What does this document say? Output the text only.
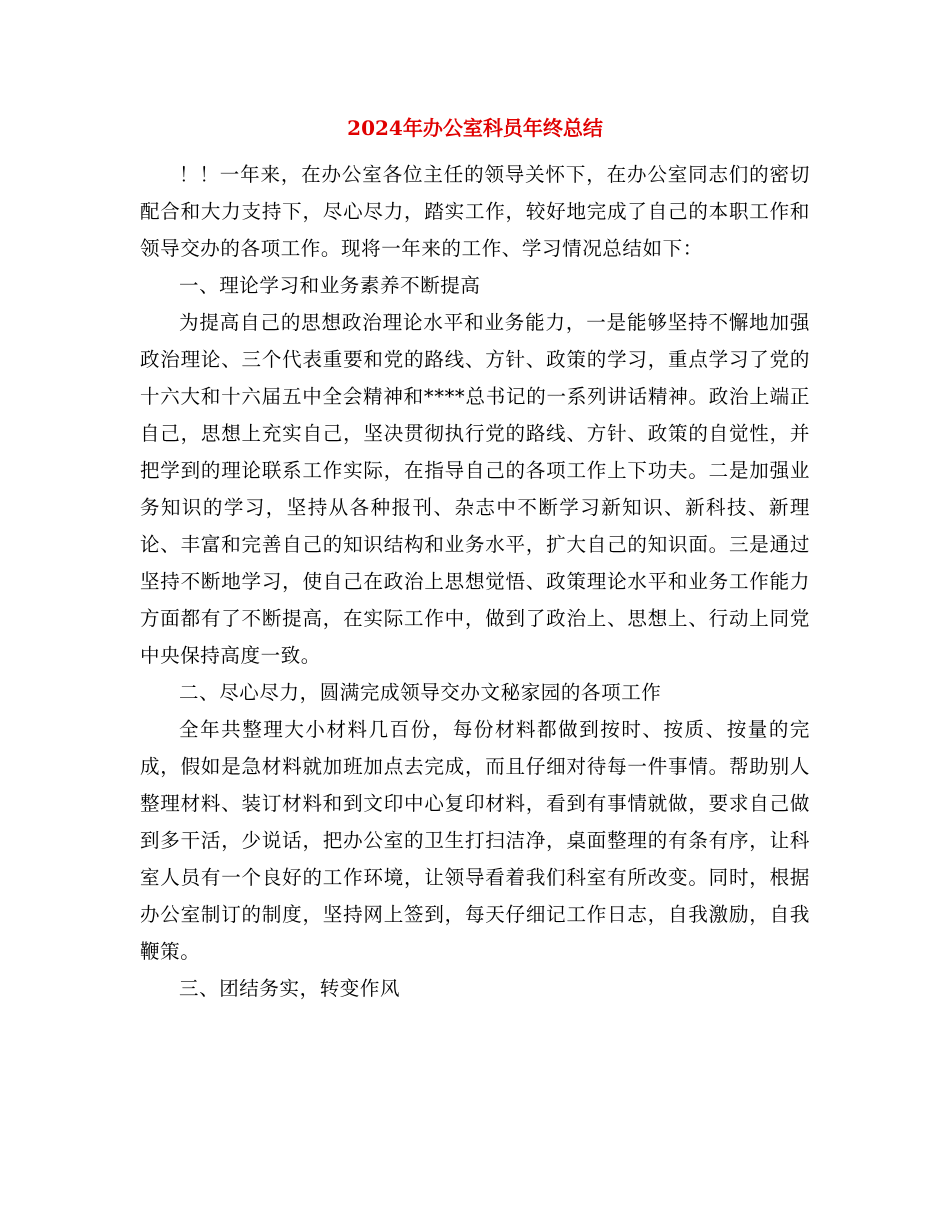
2024年办公室科员年终总结

！！一年来，在办公室各位主任的领导关怀下，在办公室同志们的密切配合和大力支持下，尽心尽力，踏实工作，较好地完成了自己的本职工作和领导交办的各项工作。现将一年来的工作、学习情况总结如下：

一、理论学习和业务素养不断提高

为提高自己的思想政治理论水平和业务能力，一是能够坚持不懈地加强政治理论、三个代表重要和党的路线、方针、政策的学习，重点学习了党的十六大和十六届五中全会精神和****总书记的一系列讲话精神。政治上端正自己，思想上充实自己，坚决贯彻执行党的路线、方针、政策的自觉性，并把学到的理论联系工作实际，在指导自己的各项工作上下功夫。二是加强业务知识的学习，坚持从各种报刊、杂志中不断学习新知识、新科技、新理论、丰富和完善自己的知识结构和业务水平，扩大自己的知识面。三是通过坚持不断地学习，使自己在政治上思想觉悟、政策理论水平和业务工作能力方面都有了不断提高，在实际工作中，做到了政治上、思想上、行动上同党中央保持高度一致。

二、尽心尽力，圆满完成领导交办文秘家园的各项工作

全年共整理大小材料几百份，每份材料都做到按时、按质、按量的完成，假如是急材料就加班加点去完成，而且仔细对待每一件事情。帮助别人整理材料、装订材料和到文印中心复印材料，看到有事情就做，要求自己做到多干活，少说话，把办公室的卫生打扫洁净，桌面整理的有条有序，让科室人员有一个良好的工作环境，让领导看着我们科室有所改变。同时，根据办公室制订的制度，坚持网上签到，每天仔细记工作日志，自我激励，自我鞭策。

三、团结务实，转变作风
